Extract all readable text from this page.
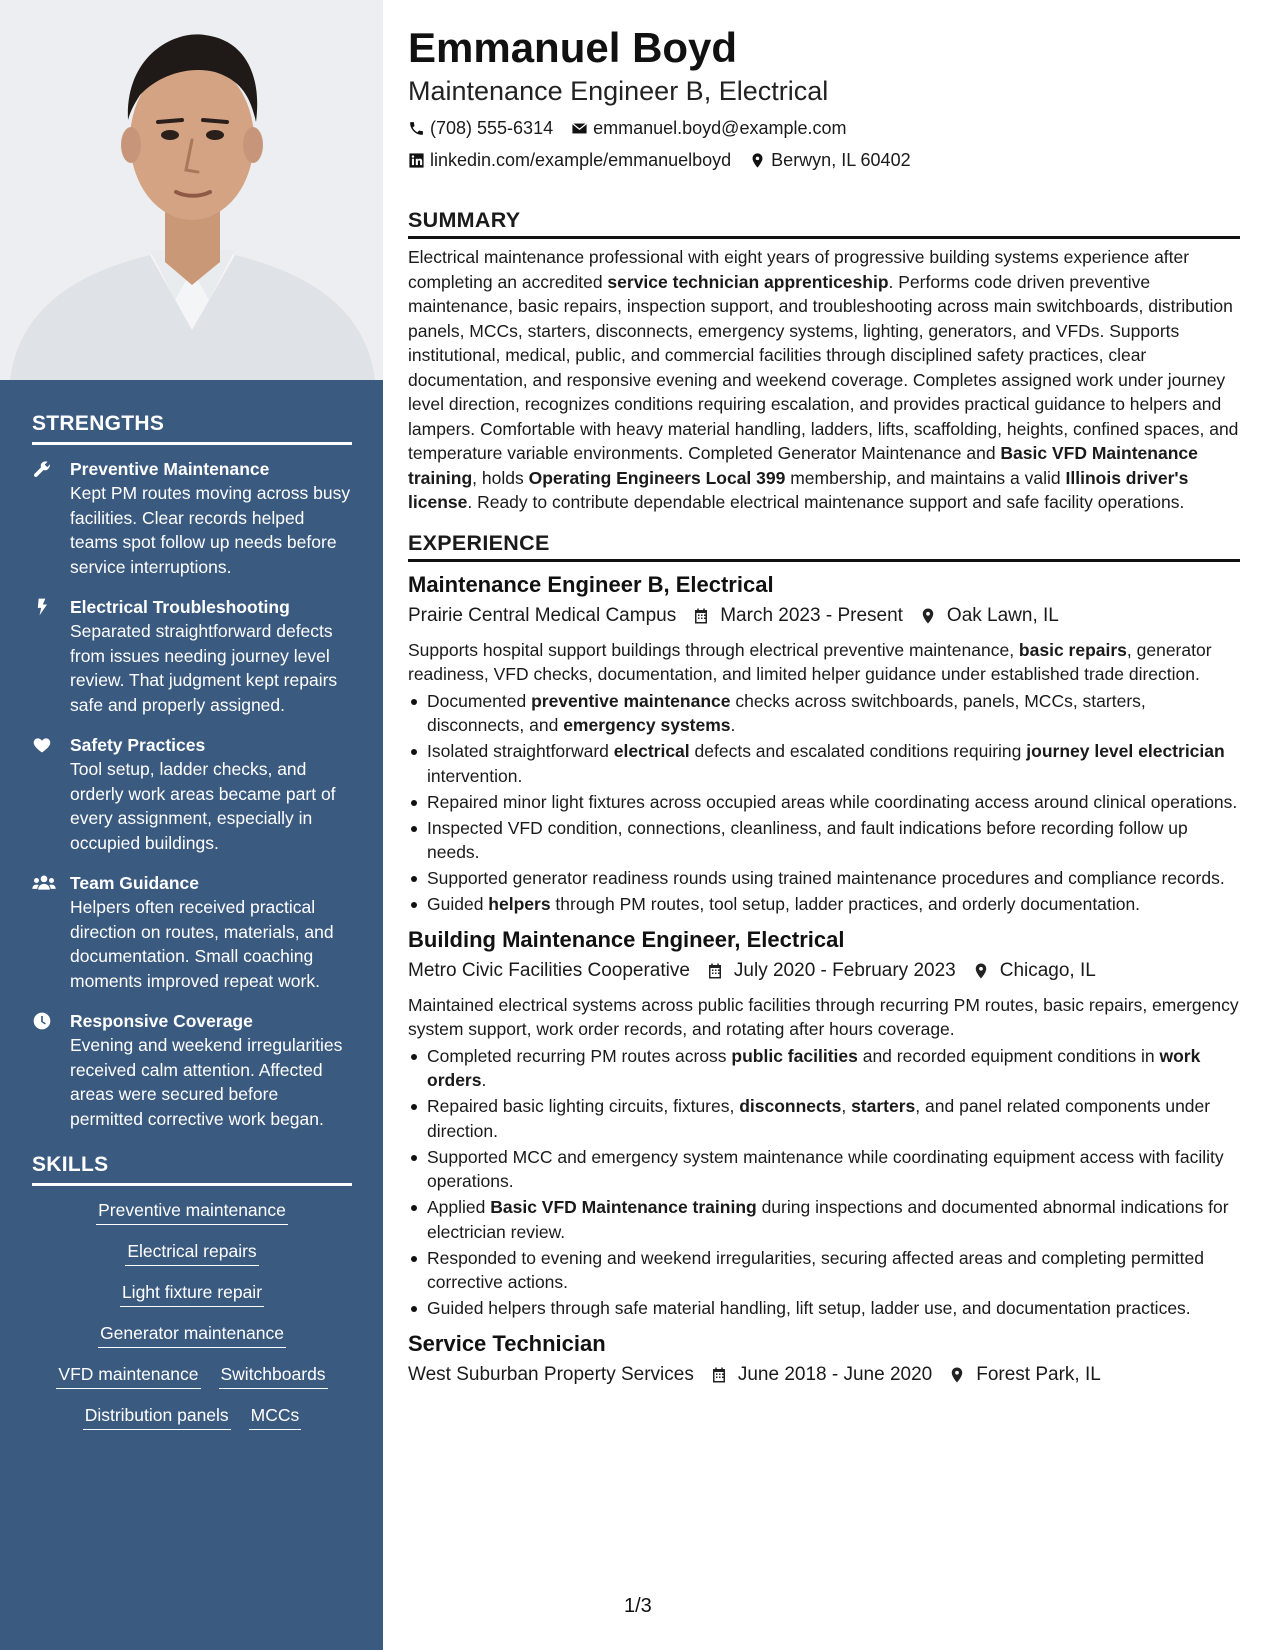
STRENGTHS
Preventive Maintenance
Kept PM routes moving across busy facilities. Clear records helped teams spot follow up needs before service interruptions.
Electrical Troubleshooting
Separated straightforward defects from issues needing journey level review. That judgment kept repairs safe and properly assigned.
Safety Practices
Tool setup, ladder checks, and orderly work areas became part of every assignment, especially in occupied buildings.
Team Guidance
Helpers often received practical direction on routes, materials, and documentation. Small coaching moments improved repeat work.
Responsive Coverage
Evening and weekend irregularities received calm attention. Affected areas were secured before permitted corrective work began.
SKILLS
Preventive maintenance
Electrical repairs
Light fixture repair
Generator maintenance
VFD maintenance Switchboards
Distribution panels MCCs
Emmanuel Boyd
Maintenance Engineer B, Electrical
(708) 555-6314 emmanuel.boyd@example.com
linkedin.com/example/emmanuelboyd Berwyn, IL 60402
SUMMARY

Electrical maintenance professional with eight years of progressive building systems experience after completing an accredited service technician apprenticeship. Performs code driven preventive maintenance, basic repairs, inspection support, and troubleshooting across main switchboards, distribution panels, MCCs, starters, disconnects, emergency systems, lighting, generators, and VFDs. Supports institutional, medical, public, and commercial facilities through disciplined safety practices, clear documentation, and responsive evening and weekend coverage. Completes assigned work under journey level direction, recognizes conditions requiring escalation, and provides practical guidance to helpers and lampers. Comfortable with heavy material handling, ladders, lifts, scaffolding, heights, confined spaces, and temperature variable environments. Completed Generator Maintenance and Basic VFD Maintenance training, holds Operating Engineers Local 399 membership, and maintains a valid Illinois driver's license. Ready to contribute dependable electrical maintenance support and safe facility operations.

EXPERIENCE
Maintenance Engineer B, Electrical
Prairie Central Medical Campus March 2023 - Present Oak Lawn, IL

Supports hospital support buildings through electrical preventive maintenance, basic repairs, generator readiness, VFD checks, documentation, and limited helper guidance under established trade direction.

Documented preventive maintenance checks across switchboards, panels, MCCs, starters, disconnects, and emergency systems.
Isolated straightforward electrical defects and escalated conditions requiring journey level electrician intervention.
Repaired minor light fixtures across occupied areas while coordinating access around clinical operations.
Inspected VFD condition, connections, cleanliness, and fault indications before recording follow up needs.
Supported generator readiness rounds using trained maintenance procedures and compliance records.
Guided helpers through PM routes, tool setup, ladder practices, and orderly documentation.
Building Maintenance Engineer, Electrical
Metro Civic Facilities Cooperative July 2020 - February 2023 Chicago, IL

Maintained electrical systems across public facilities through recurring PM routes, basic repairs, emergency system support, work order records, and rotating after hours coverage.

Completed recurring PM routes across public facilities and recorded equipment conditions in work orders.
Repaired basic lighting circuits, fixtures, disconnects, starters, and panel related components under direction.
Supported MCC and emergency system maintenance while coordinating equipment access with facility operations.
Applied Basic VFD Maintenance training during inspections and documented abnormal indications for electrician review.
Responded to evening and weekend irregularities, securing affected areas and completing permitted corrective actions.
Guided helpers through safe material handling, lift setup, ladder use, and documentation practices.
Service Technician
West Suburban Property Services June 2018 - June 2020 Forest Park, IL
1/3
